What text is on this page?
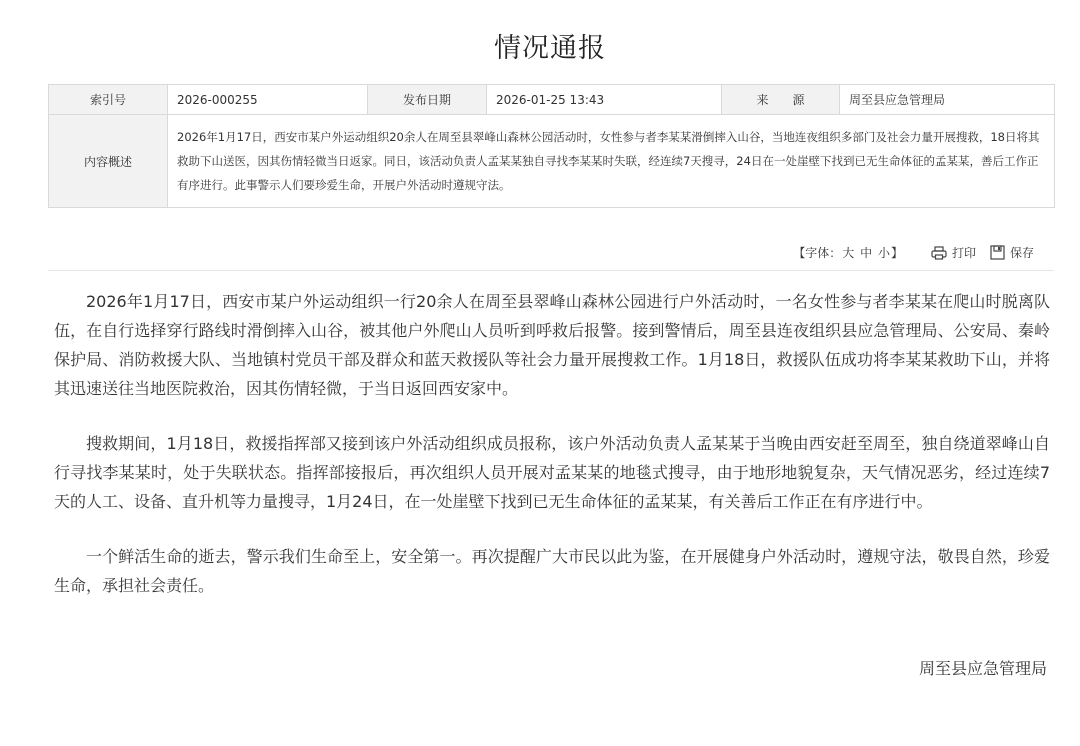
情况通报
索引号	2026-000255	发布日期	2026-01-25 13:43	来　　源	周至县应急管理局
内容概述	2026年1月17日，西安市某户外运动组织20余人在周至县翠峰山森林公园活动时，女性参与者李某某滑倒摔入山谷，当地连夜组织多部门及社会力量开展搜救，18日将其救助下山送医，因其伤情轻微当日返家。同日，该活动负责人孟某某独自寻找李某某时失联，经连续7天搜寻，24日在一处崖壁下找到已无生命体征的孟某某，善后工作正有序进行。此事警示人们要珍爱生命，开展户外活动时遵规守法。				
【字体：大 中 小】	打印	保存

2026年1月17日，西安市某户外运动组织一行20余人在周至县翠峰山森林公园进行户外活动时，一名女性参与者李某某在爬山时脱离队伍，在自行选择穿行路线时滑倒摔入山谷，被其他户外爬山人员听到呼救后报警。接到警情后，周至县连夜组织县应急管理局、公安局、秦岭保护局、消防救援大队、当地镇村党员干部及群众和蓝天救援队等社会力量开展搜救工作。1月18日，救援队伍成功将李某某救助下山，并将其迅速送往当地医院救治，因其伤情轻微，于当日返回西安家中。

搜救期间，1月18日，救援指挥部又接到该户外活动组织成员报称，该户外活动负责人孟某某于当晚由西安赶至周至，独自绕道翠峰山自行寻找李某某时，处于失联状态。指挥部接报后，再次组织人员开展对孟某某的地毯式搜寻，由于地形地貌复杂，天气情况恶劣，经过连续7天的人工、设备、直升机等力量搜寻，1月24日，在一处崖壁下找到已无生命体征的孟某某，有关善后工作正在有序进行中。

一个鲜活生命的逝去，警示我们生命至上，安全第一。再次提醒广大市民以此为鉴，在开展健身户外活动时，遵规守法，敬畏自然，珍爱生命，承担社会责任。

周至县应急管理局
